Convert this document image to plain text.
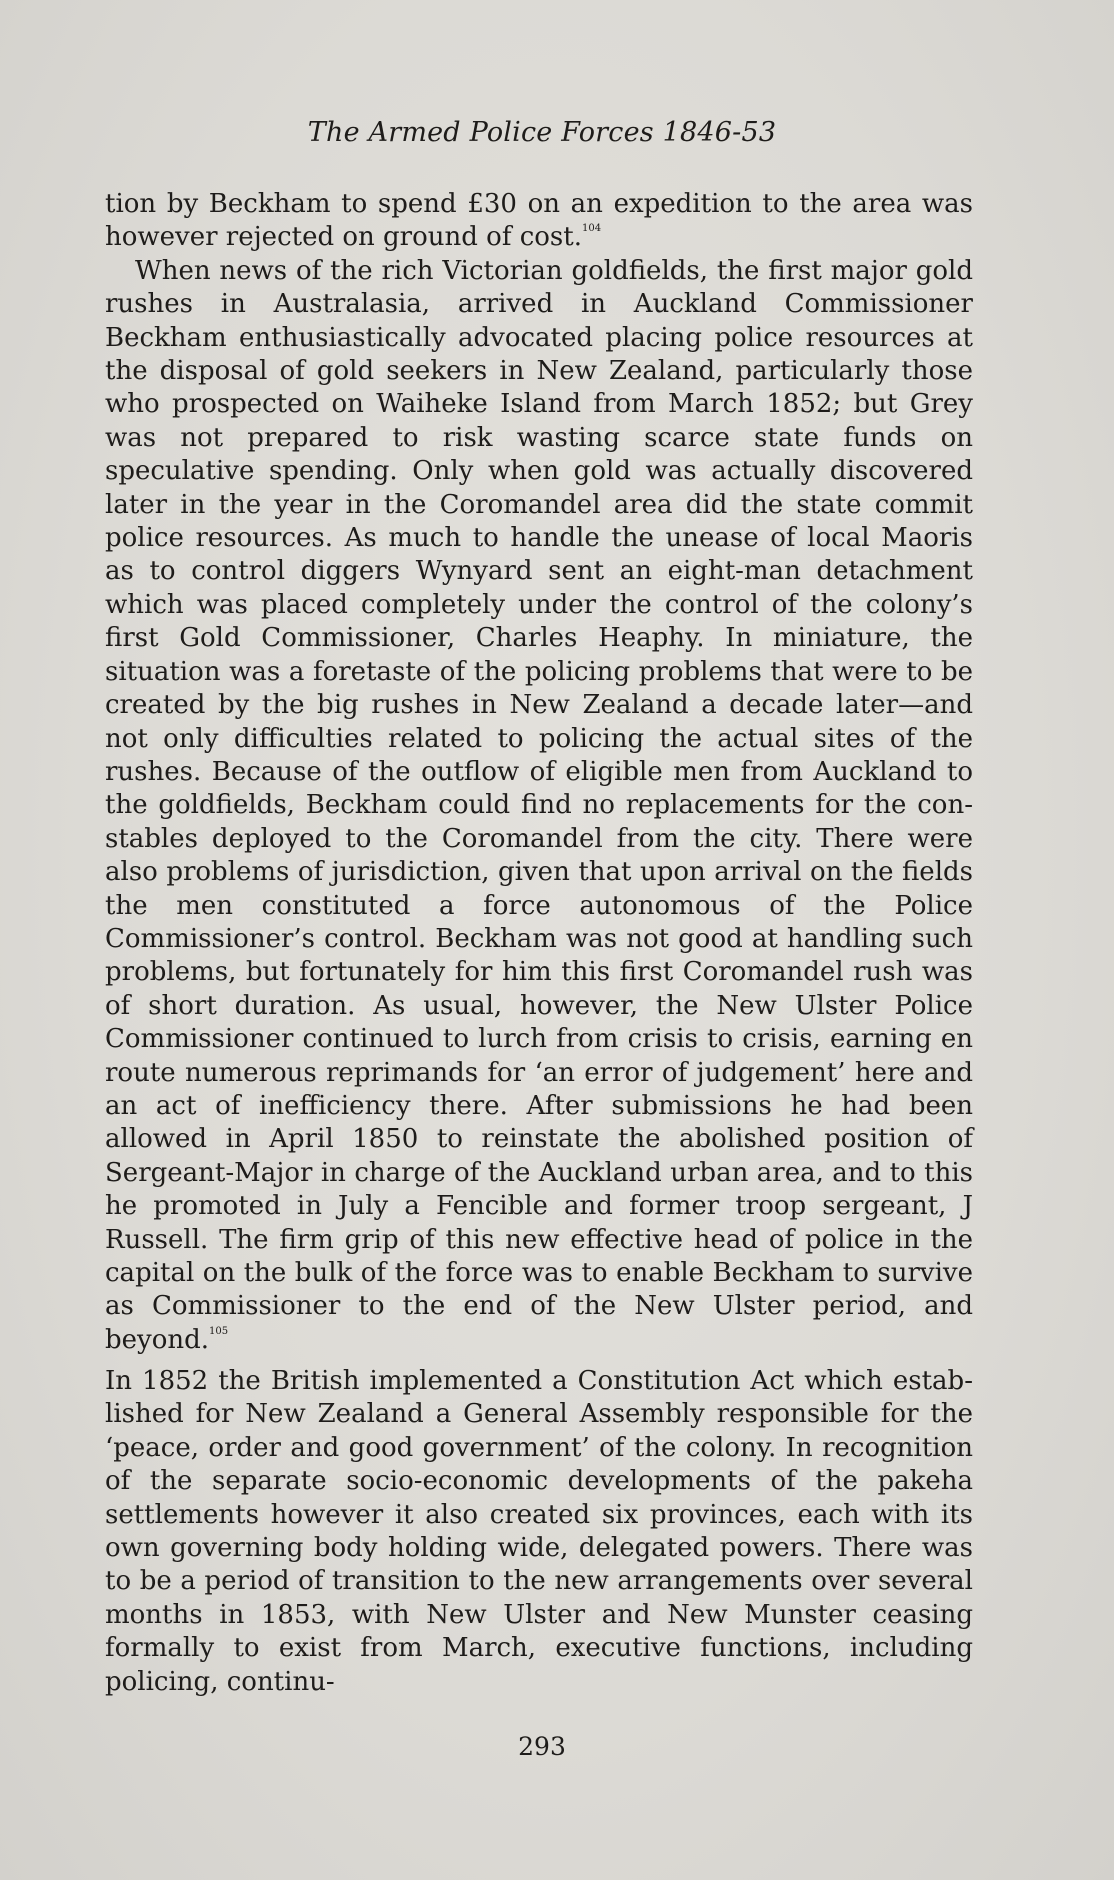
The Armed Police Forces 1846-53

tion by Beckham to spend £30 on an expedition to the area was however rejected on ground of cost.$^{104}$

When news of the rich Victorian goldfields, the first major gold rushes in Australasia, arrived in Auckland Commissioner Beckham enthusiastically advocated placing police resources at the disposal of gold seekers in New Zealand, particularly those who prospected on Waiheke Island from March 1852; but Grey was not prepared to risk wasting scarce state funds on speculative spending. Only when gold was actually discovered later in the year in the Coromandel area did the state commit police resources. As much to handle the unease of local Maoris as to control diggers Wynyard sent an eight-man detachment which was placed completely under the control of the colony’s first Gold Commissioner, Charles Heaphy. In miniature, the situation was a foretaste of the policing problems that were to be created by the big rushes in New Zealand a decade later—and not only difficulties related to policing the actual sites of the rushes. Because of the outflow of eligible men from Auckland to the goldfields, Beckham could find no replacements for the constables deployed to the Coromandel from the city. There were also problems of jurisdiction, given that upon arrival on the fields the men constituted a force autonomous of the Police Commissioner’s control. Beckham was not good at handling such problems, but fortunately for him this first Coromandel rush was of short duration. As usual, however, the New Ulster Police Commissioner continued to lurch from crisis to crisis, earning en route numerous reprimands for ‘an error of judgement’ here and an act of inefficiency there. After submissions he had been allowed in April 1850 to reinstate the abolished position of Sergeant-Major in charge of the Auckland urban area, and to this he promoted in July a Fencible and former troop sergeant, J Russell. The firm grip of this new effective head of police in the capital on the bulk of the force was to enable Beckham to survive as Commissioner to the end of the New Ulster period, and beyond.$^{105}$

In 1852 the British implemented a Constitution Act which established for New Zealand a General Assembly responsible for the ‘peace, order and good government’ of the colony. In recognition of the separate socio-economic developments of the pakeha settlements however it also created six provinces, each with its own governing body holding wide, delegated powers. There was to be a period of transition to the new arrangements over several months in 1853, with New Ulster and New Munster ceasing formally to exist from March, executive functions, including policing, continu-

293
